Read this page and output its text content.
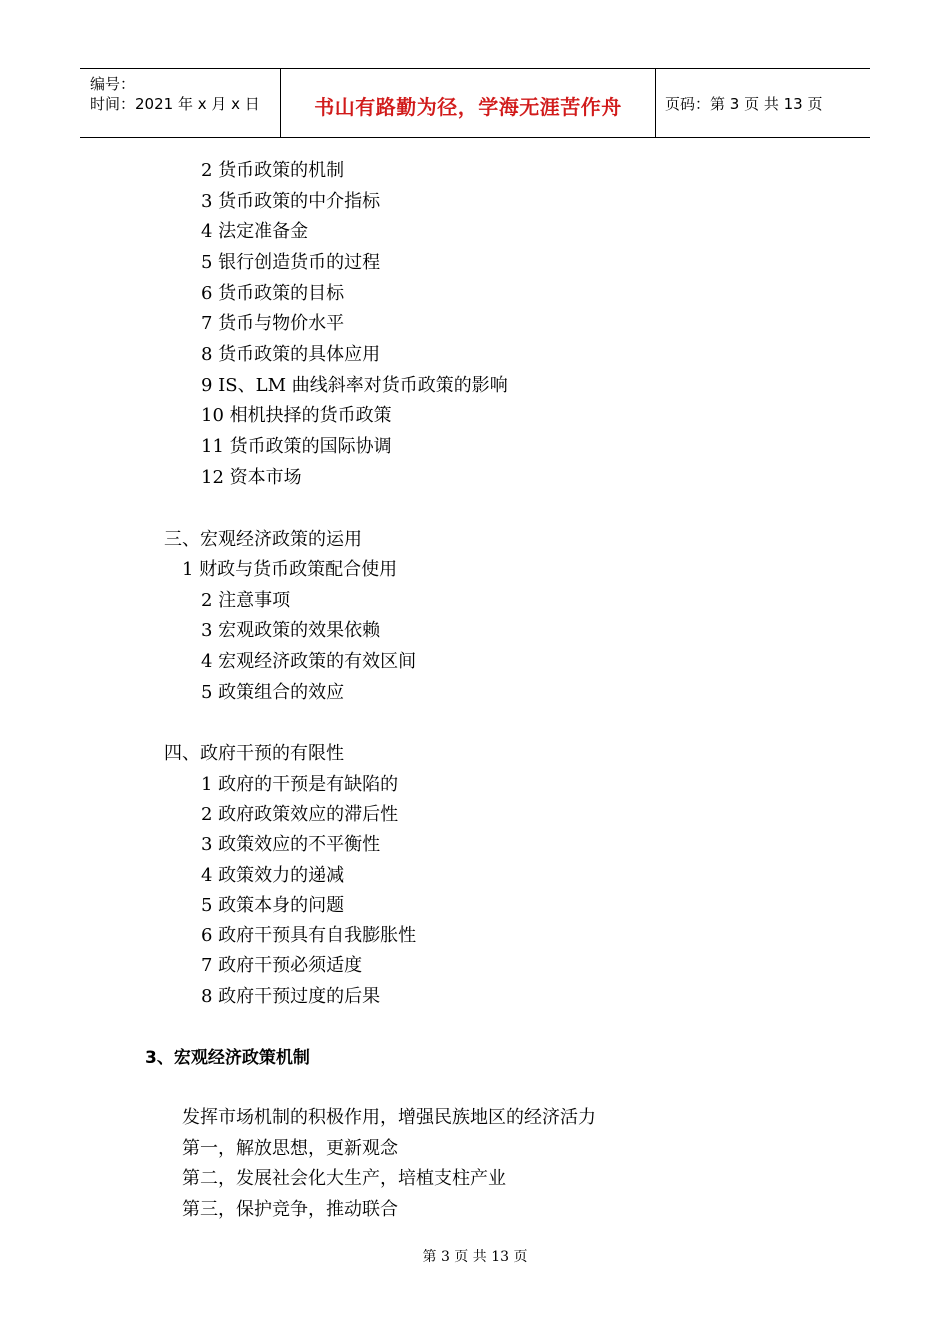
编号：
时间：2021 年 x 月 x 日	书山有路勤为径，学海无涯苦作舟	页码：第 3 页 共 13 页
2 货币政策的机制
3 货币政策的中介指标
4 法定准备金
5 银行创造货币的过程
6 货币政策的目标
7 货币与物价水平
8 货币政策的具体应用
9 IS、LM 曲线斜率对货币政策的影响
10 相机抉择的货币政策
11 货币政策的国际协调
12 资本市场
三、宏观经济政策的运用
1 财政与货币政策配合使用
2 注意事项
3 宏观政策的效果依赖
4 宏观经济政策的有效区间
5 政策组合的效应
四、政府干预的有限性
1 政府的干预是有缺陷的
2 政府政策效应的滞后性
3 政策效应的不平衡性
4 政策效力的递减
5 政策本身的问题
6 政府干预具有自我膨胀性
7 政府干预必须适度
8 政府干预过度的后果
3、宏观经济政策机制
发挥市场机制的积极作用，增强民族地区的经济活力
第一，解放思想，更新观念
第二，发展社会化大生产，培植支柱产业
第三，保护竞争，推动联合
第 3 页 共 13 页
